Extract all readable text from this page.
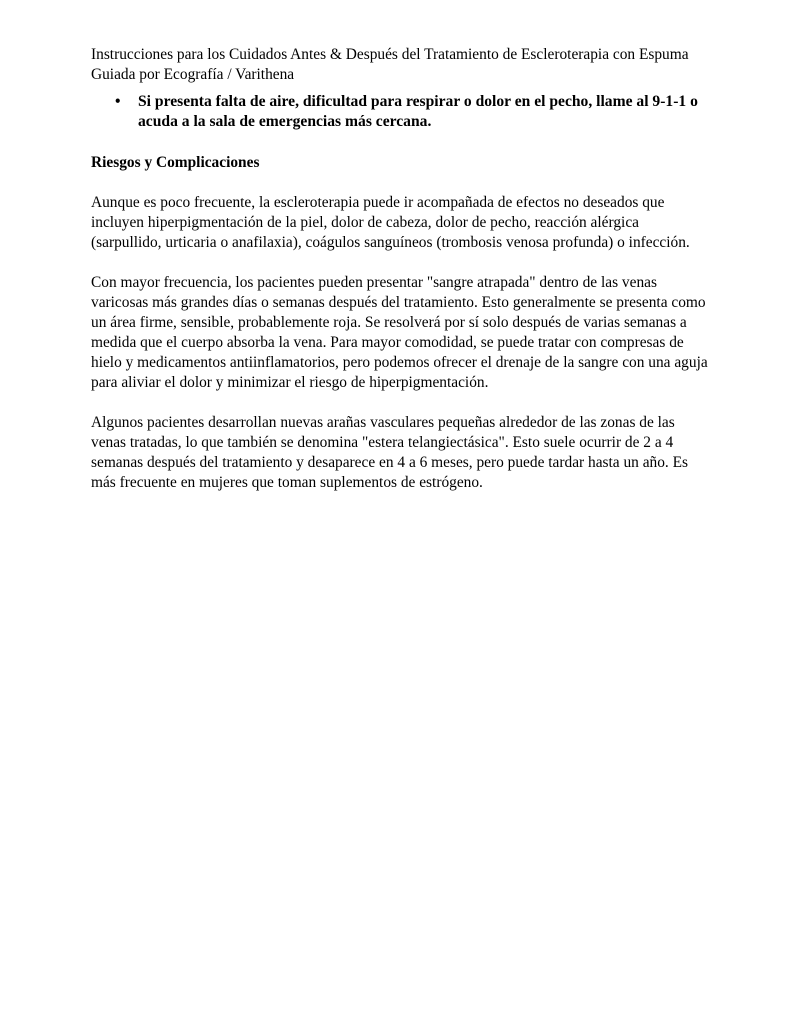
Instrucciones para los Cuidados Antes & Después del Tratamiento de Escleroterapia con Espuma Guiada por Ecografía / Varithena

• Si presenta falta de aire, dificultad para respirar o dolor en el pecho, llame al 9-1-1 o acuda a la sala de emergencias más cercana.

Riesgos y Complicaciones

Aunque es poco frecuente, la escleroterapia puede ir acompañada de efectos no deseados que incluyen hiperpigmentación de la piel, dolor de cabeza, dolor de pecho, reacción alérgica (sarpullido, urticaria o anafilaxia), coágulos sanguíneos (trombosis venosa profunda) o infección.

Con mayor frecuencia, los pacientes pueden presentar "sangre atrapada" dentro de las venas varicosas más grandes días o semanas después del tratamiento. Esto generalmente se presenta como un área firme, sensible, probablemente roja. Se resolverá por sí solo después de varias semanas a medida que el cuerpo absorba la vena. Para mayor comodidad, se puede tratar con compresas de hielo y medicamentos antiinflamatorios, pero podemos ofrecer el drenaje de la sangre con una aguja para aliviar el dolor y minimizar el riesgo de hiperpigmentación.

Algunos pacientes desarrollan nuevas arañas vasculares pequeñas alrededor de las zonas de las venas tratadas, lo que también se denomina "estera telangiectásica". Esto suele ocurrir de 2 a 4 semanas después del tratamiento y desaparece en 4 a 6 meses, pero puede tardar hasta un año. Es más frecuente en mujeres que toman suplementos de estrógeno.
